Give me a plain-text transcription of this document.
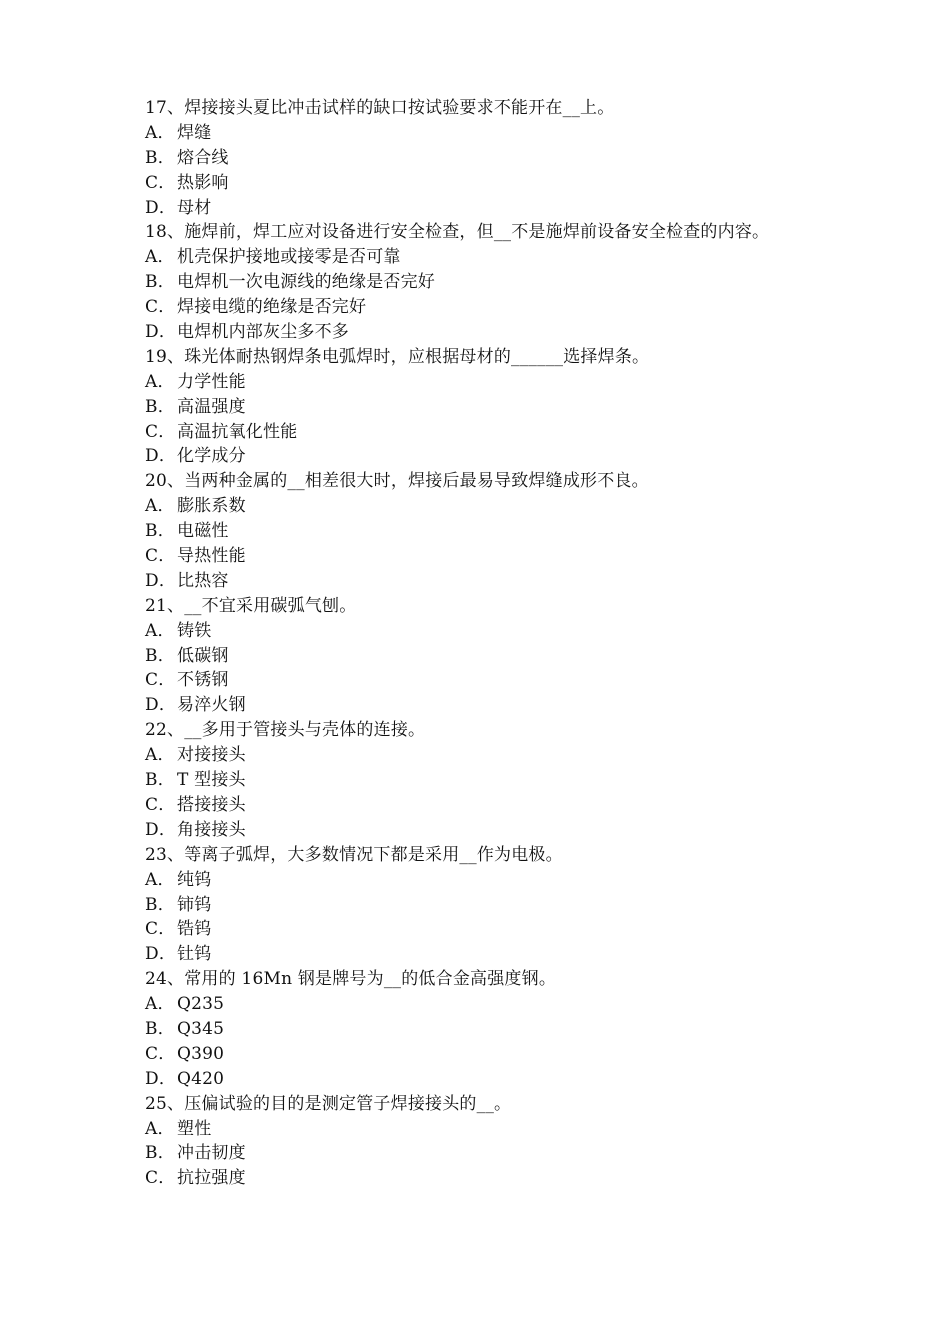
17、焊接接头夏比冲击试样的缺口按试验要求不能开在__上。
A． 焊缝
B． 熔合线
C． 热影响
D． 母材
18、施焊前，焊工应对设备进行安全检查，但__不是施焊前设备安全检查的内容。
A． 机壳保护接地或接零是否可靠
B． 电焊机一次电源线的绝缘是否完好
C． 焊接电缆的绝缘是否完好
D． 电焊机内部灰尘多不多
19、珠光体耐热钢焊条电弧焊时，应根据母材的______选择焊条。
A． 力学性能
B． 高温强度
C． 高温抗氧化性能
D． 化学成分
20、当两种金属的__相差很大时，焊接后最易导致焊缝成形不良。
A． 膨胀系数
B． 电磁性
C． 导热性能
D． 比热容
21、__不宜采用碳弧气刨。
A． 铸铁
B． 低碳钢
C． 不锈钢
D． 易淬火钢
22、__多用于管接头与壳体的连接。
A． 对接接头
B． T 型接头
C． 搭接接头
D． 角接接头
23、等离子弧焊，大多数情况下都是采用__作为电极。
A． 纯钨
B． 铈钨
C． 锆钨
D． 钍钨
24、常用的 16Mn 钢是牌号为__的低合金高强度钢。
A． Q235
B． Q345
C． Q390
D． Q420
25、压偏试验的目的是测定管子焊接接头的__。
A． 塑性
B． 冲击韧度
C． 抗拉强度
